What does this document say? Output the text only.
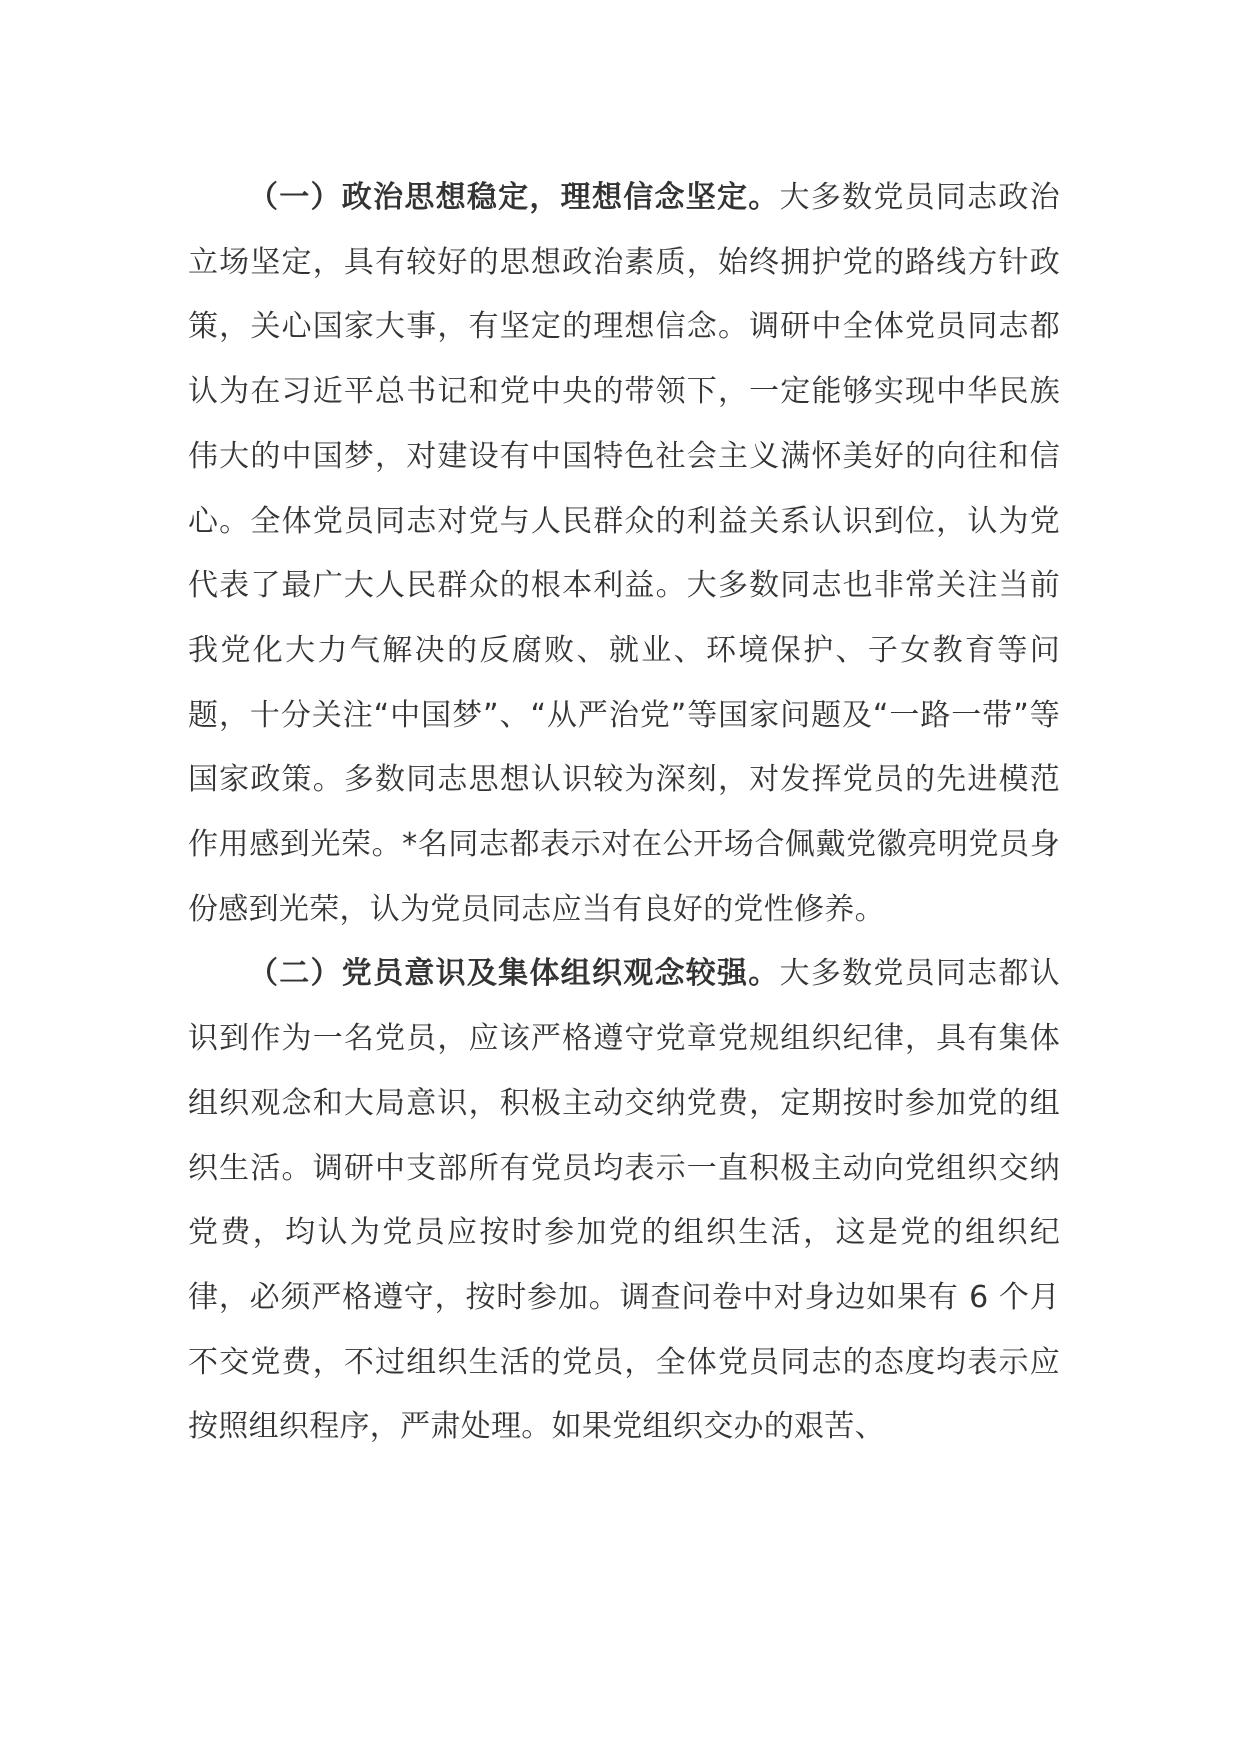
（一）政治思想稳定，理想信念坚定。大多数党员同志政治立场坚定，具有较好的思想政治素质，始终拥护党的路线方针政策，关心国家大事，有坚定的理想信念。调研中全体党员同志都认为在习近平总书记和党中央的带领下，一定能够实现中华民族伟大的中国梦，对建设有中国特色社会主义满怀美好的向往和信心。全体党员同志对党与人民群众的利益关系认识到位，认为党代表了最广大人民群众的根本利益。大多数同志也非常关注当前我党化大力气解决的反腐败、就业、环境保护、子女教育等问题，十分关注“中国梦”、“从严治党”等国家问题及“一路一带”等国家政策。多数同志思想认识较为深刻，对发挥党员的先进模范作用感到光荣。*名同志都表示对在公开场合佩戴党徽亮明党员身份感到光荣，认为党员同志应当有良好的党性修养。

（二）党员意识及集体组织观念较强。大多数党员同志都认识到作为一名党员，应该严格遵守党章党规组织纪律，具有集体组织观念和大局意识，积极主动交纳党费，定期按时参加党的组织生活。调研中支部所有党员均表示一直积极主动向党组织交纳党费，均认为党员应按时参加党的组织生活，这是党的组织纪律，必须严格遵守，按时参加。调查问卷中对身边如果有 6 个月不交党费，不过组织生活的党员，全体党员同志的态度均表示应按照组织程序，严肃处理。如果党组织交办的艰苦、
